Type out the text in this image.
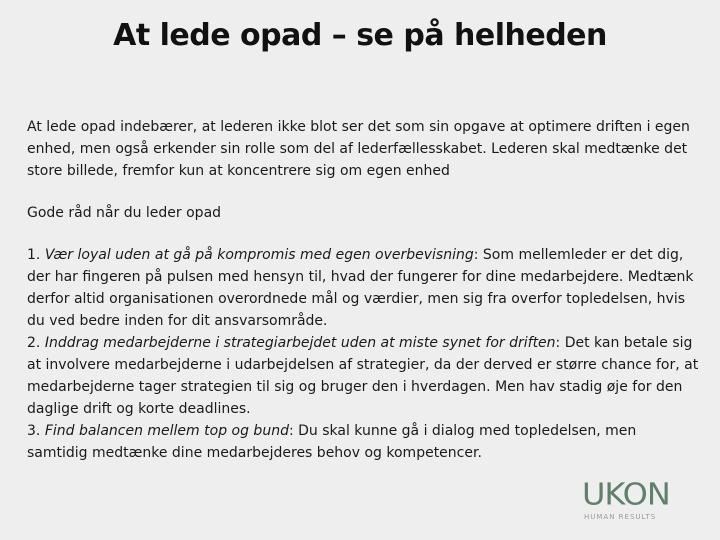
At lede opad – se på helheden

At lede opad indebærer, at lederen ikke blot ser det som sin opgave at optimere driften i egen enhed, men også erkender sin rolle som del af lederfællesskabet. Lederen skal medtænke det store billede, fremfor kun at koncentrere sig om egen enhed

Gode råd når du leder opad

1. Vær loyal uden at gå på kompromis med egen overbevisning: Som mellemleder er det dig, der har fingeren på pulsen med hensyn til, hvad der fungerer for dine medarbejdere. Medtænk derfor altid organisationen overordnede mål og værdier, men sig fra overfor topledelsen, hvis du ved bedre inden for dit ansvarsområde.

2. Inddrag medarbejderne i strategiarbejdet uden at miste synet for driften: Det kan betale sig at involvere medarbejderne i udarbejdelsen af strategier, da der derved er større chance for, at medarbejderne tager strategien til sig og bruger den i hverdagen. Men hav stadig øje for den daglige drift og korte deadlines.

3. Find balancen mellem top og bund: Du skal kunne gå i dialog med topledelsen, men samtidig medtænke dine medarbejderes behov og kompetencer.

UKON
HUMAN RESULTS
